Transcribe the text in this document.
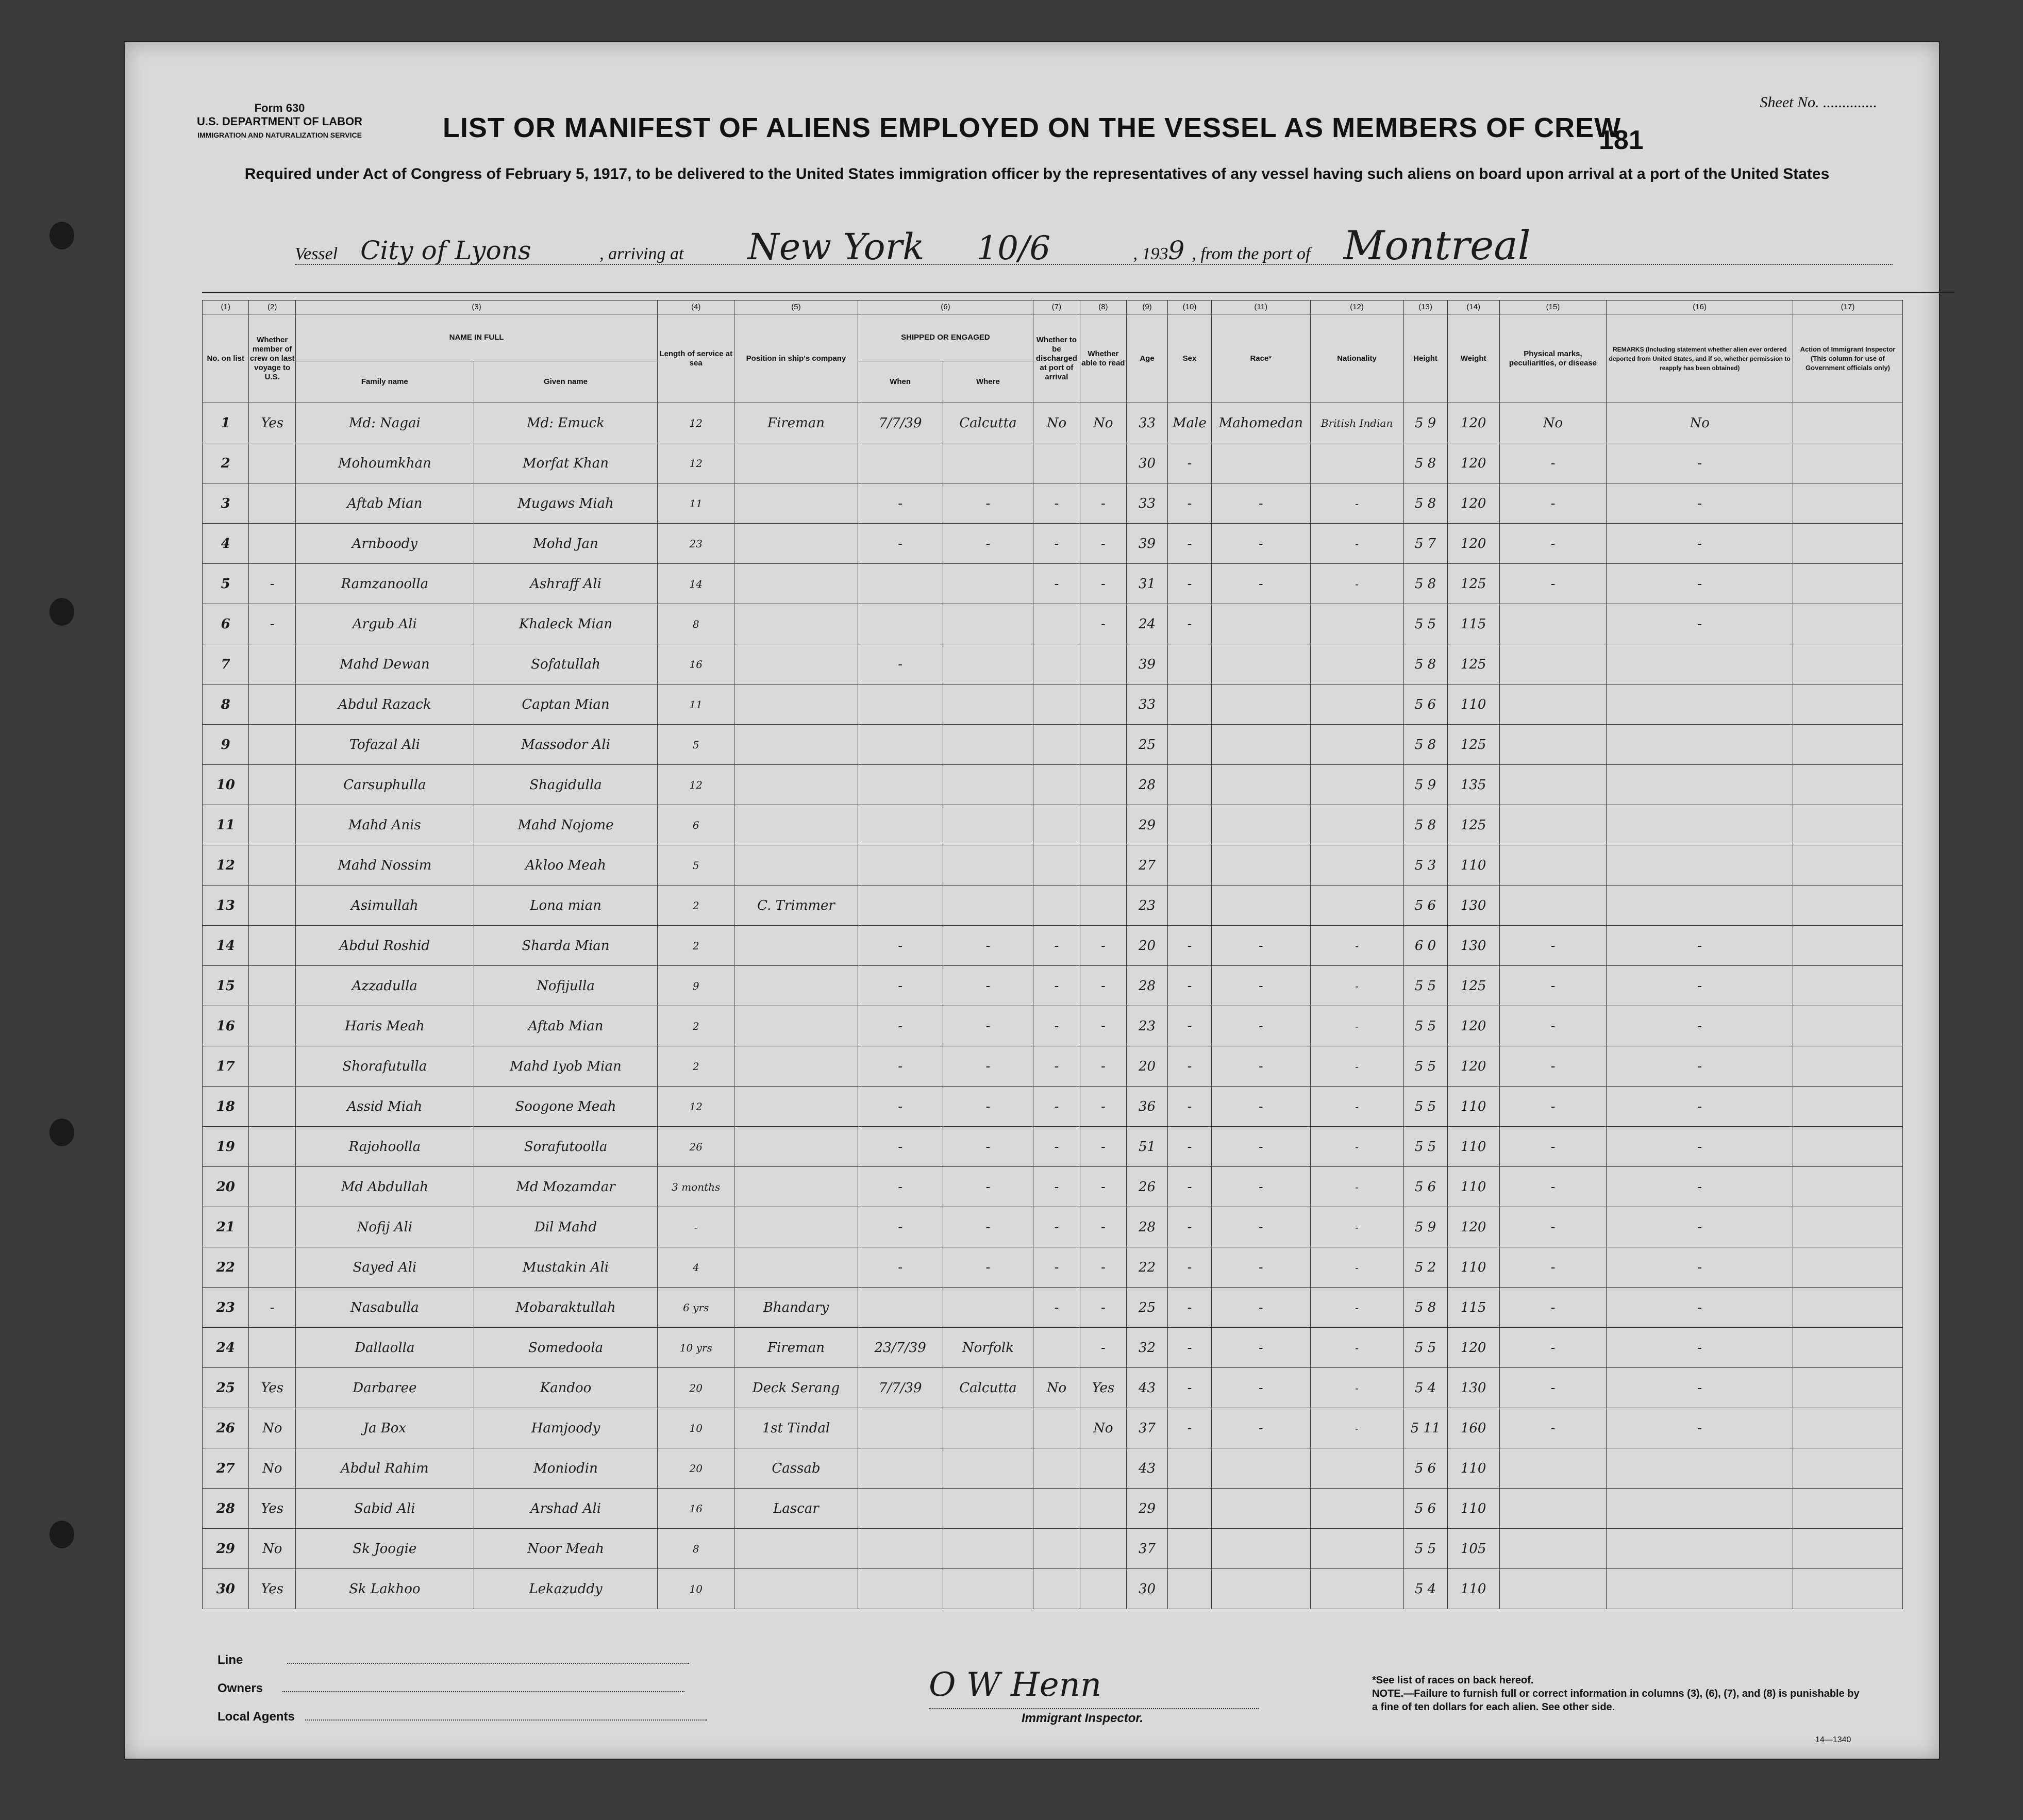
Form 630
U.S. DEPARTMENT OF LABOR
IMMIGRATION AND NATURALIZATION SERVICE
Sheet No. ..............
LIST OR MANIFEST OF ALIENS EMPLOYED ON THE VESSEL AS MEMBERS OF CREW
181
Required under Act of Congress of February 5, 1917, to be delivered to the United States immigration officer by the representatives of any vessel having such aliens on board upon arrival at a port of the United States
Vessel City of Lyons	, arriving at New York 10/6	, 1939 , from the port of Montreal
(1)	(2)	(3)		(4)	(5)	(6)		(7)	(8)	(9)	(10)	(11)	(12)	(13)	(14)	(15)	(16)	(17)
No. on list	Whether member of crew on last voyage to U.S.	NAME IN FULL		Length of service at sea	Position in ship's company	SHIPPED OR ENGAGED		Whether to be discharged at port of arrival	Whether able to read	Age	Sex	Race*	Nationality	Height	Weight	Physical marks, peculiarities, or disease	REMARKS (Including statement whether alien ever ordered deported from United States, and if so, whether permission to reapply has been obtained)	Action of Immigrant Inspector (This column for use of Government officials only)
		Family name	Given name			When	Where											
1	Yes	Md: Nagai	Md: Emuck	12	Fireman	7/7/39	Calcutta	No	No	33	Male	Mahomedan	British Indian	5 9	120	No	No	
2		Mohoumkhan	Morfat Khan	12						30	-			5 8	120	-	-	
3		Aftab Mian	Mugaws Miah	11		-	-	-	-	33	-	-	-	5 8	120	-	-	
4		Arnboody	Mohd Jan	23		-	-	-	-	39	-	-	-	5 7	120	-	-	
5	-	Ramzanoolla	Ashraff Ali	14				-	-	31	-	-	-	5 8	125	-	-	
6	-	Argub Ali	Khaleck Mian	8					-	24	-			5 5	115		-	
7		Mahd Dewan	Sofatullah	16		-				39				5 8	125			
8		Abdul Razack	Captan Mian	11						33				5 6	110			
9		Tofazal Ali	Massodor Ali	5						25				5 8	125			
10		Carsuphulla	Shagidulla	12						28				5 9	135			
11		Mahd Anis	Mahd Nojome	6						29				5 8	125			
12		Mahd Nossim	Akloo Meah	5						27				5 3	110			
13		Asimullah	Lona mian	2	C. Trimmer					23				5 6	130			
14		Abdul Roshid	Sharda Mian	2		-	-	-	-	20	-	-	-	6 0	130	-	-	
15		Azzadulla	Nofijulla	9		-	-	-	-	28	-	-	-	5 5	125	-	-	
16		Haris Meah	Aftab Mian	2		-	-	-	-	23	-	-	-	5 5	120	-	-	
17		Shorafutulla	Mahd Iyob Mian	2		-	-	-	-	20	-	-	-	5 5	120	-	-	
18		Assid Miah	Soogone Meah	12		-	-	-	-	36	-	-	-	5 5	110	-	-	
19		Rajohoolla	Sorafutoolla	26		-	-	-	-	51	-	-	-	5 5	110	-	-	
20		Md Abdullah	Md Mozamdar	3 months		-	-	-	-	26	-	-	-	5 6	110	-	-	
21		Nofij Ali	Dil Mahd	-		-	-	-	-	28	-	-	-	5 9	120	-	-	
22		Sayed Ali	Mustakin Ali	4		-	-	-	-	22	-	-	-	5 2	110	-	-	
23	-	Nasabulla	Mobaraktullah	6 yrs	Bhandary			-	-	25	-	-	-	5 8	115	-	-	
24		Dallaolla	Somedoola	10 yrs	Fireman	23/7/39	Norfolk		-	32	-	-	-	5 5	120	-	-	
25	Yes	Darbaree	Kandoo	20	Deck Serang	7/7/39	Calcutta	No	Yes	43	-	-	-	5 4	130	-	-	
26	No	Ja Box	Hamjoody	10	1st Tindal				No	37	-	-	-	5 11	160	-	-	
27	No	Abdul Rahim	Moniodin	20	Cassab					43				5 6	110			
28	Yes	Sabid Ali	Arshad Ali	16	Lascar					29				5 6	110			
29	No	Sk Joogie	Noor Meah	8						37				5 5	105			
30	Yes	Sk Lakhoo	Lekazuddy	10						30				5 4	110			
Line
Owners
Local Agents
O W Henn
Immigrant Inspector.
*See list of races on back hereof.
NOTE.—Failure to furnish full or correct information in columns (3), (6), (7), and (8) is punishable by a fine of ten dollars for each alien. See other side.
14—1340
